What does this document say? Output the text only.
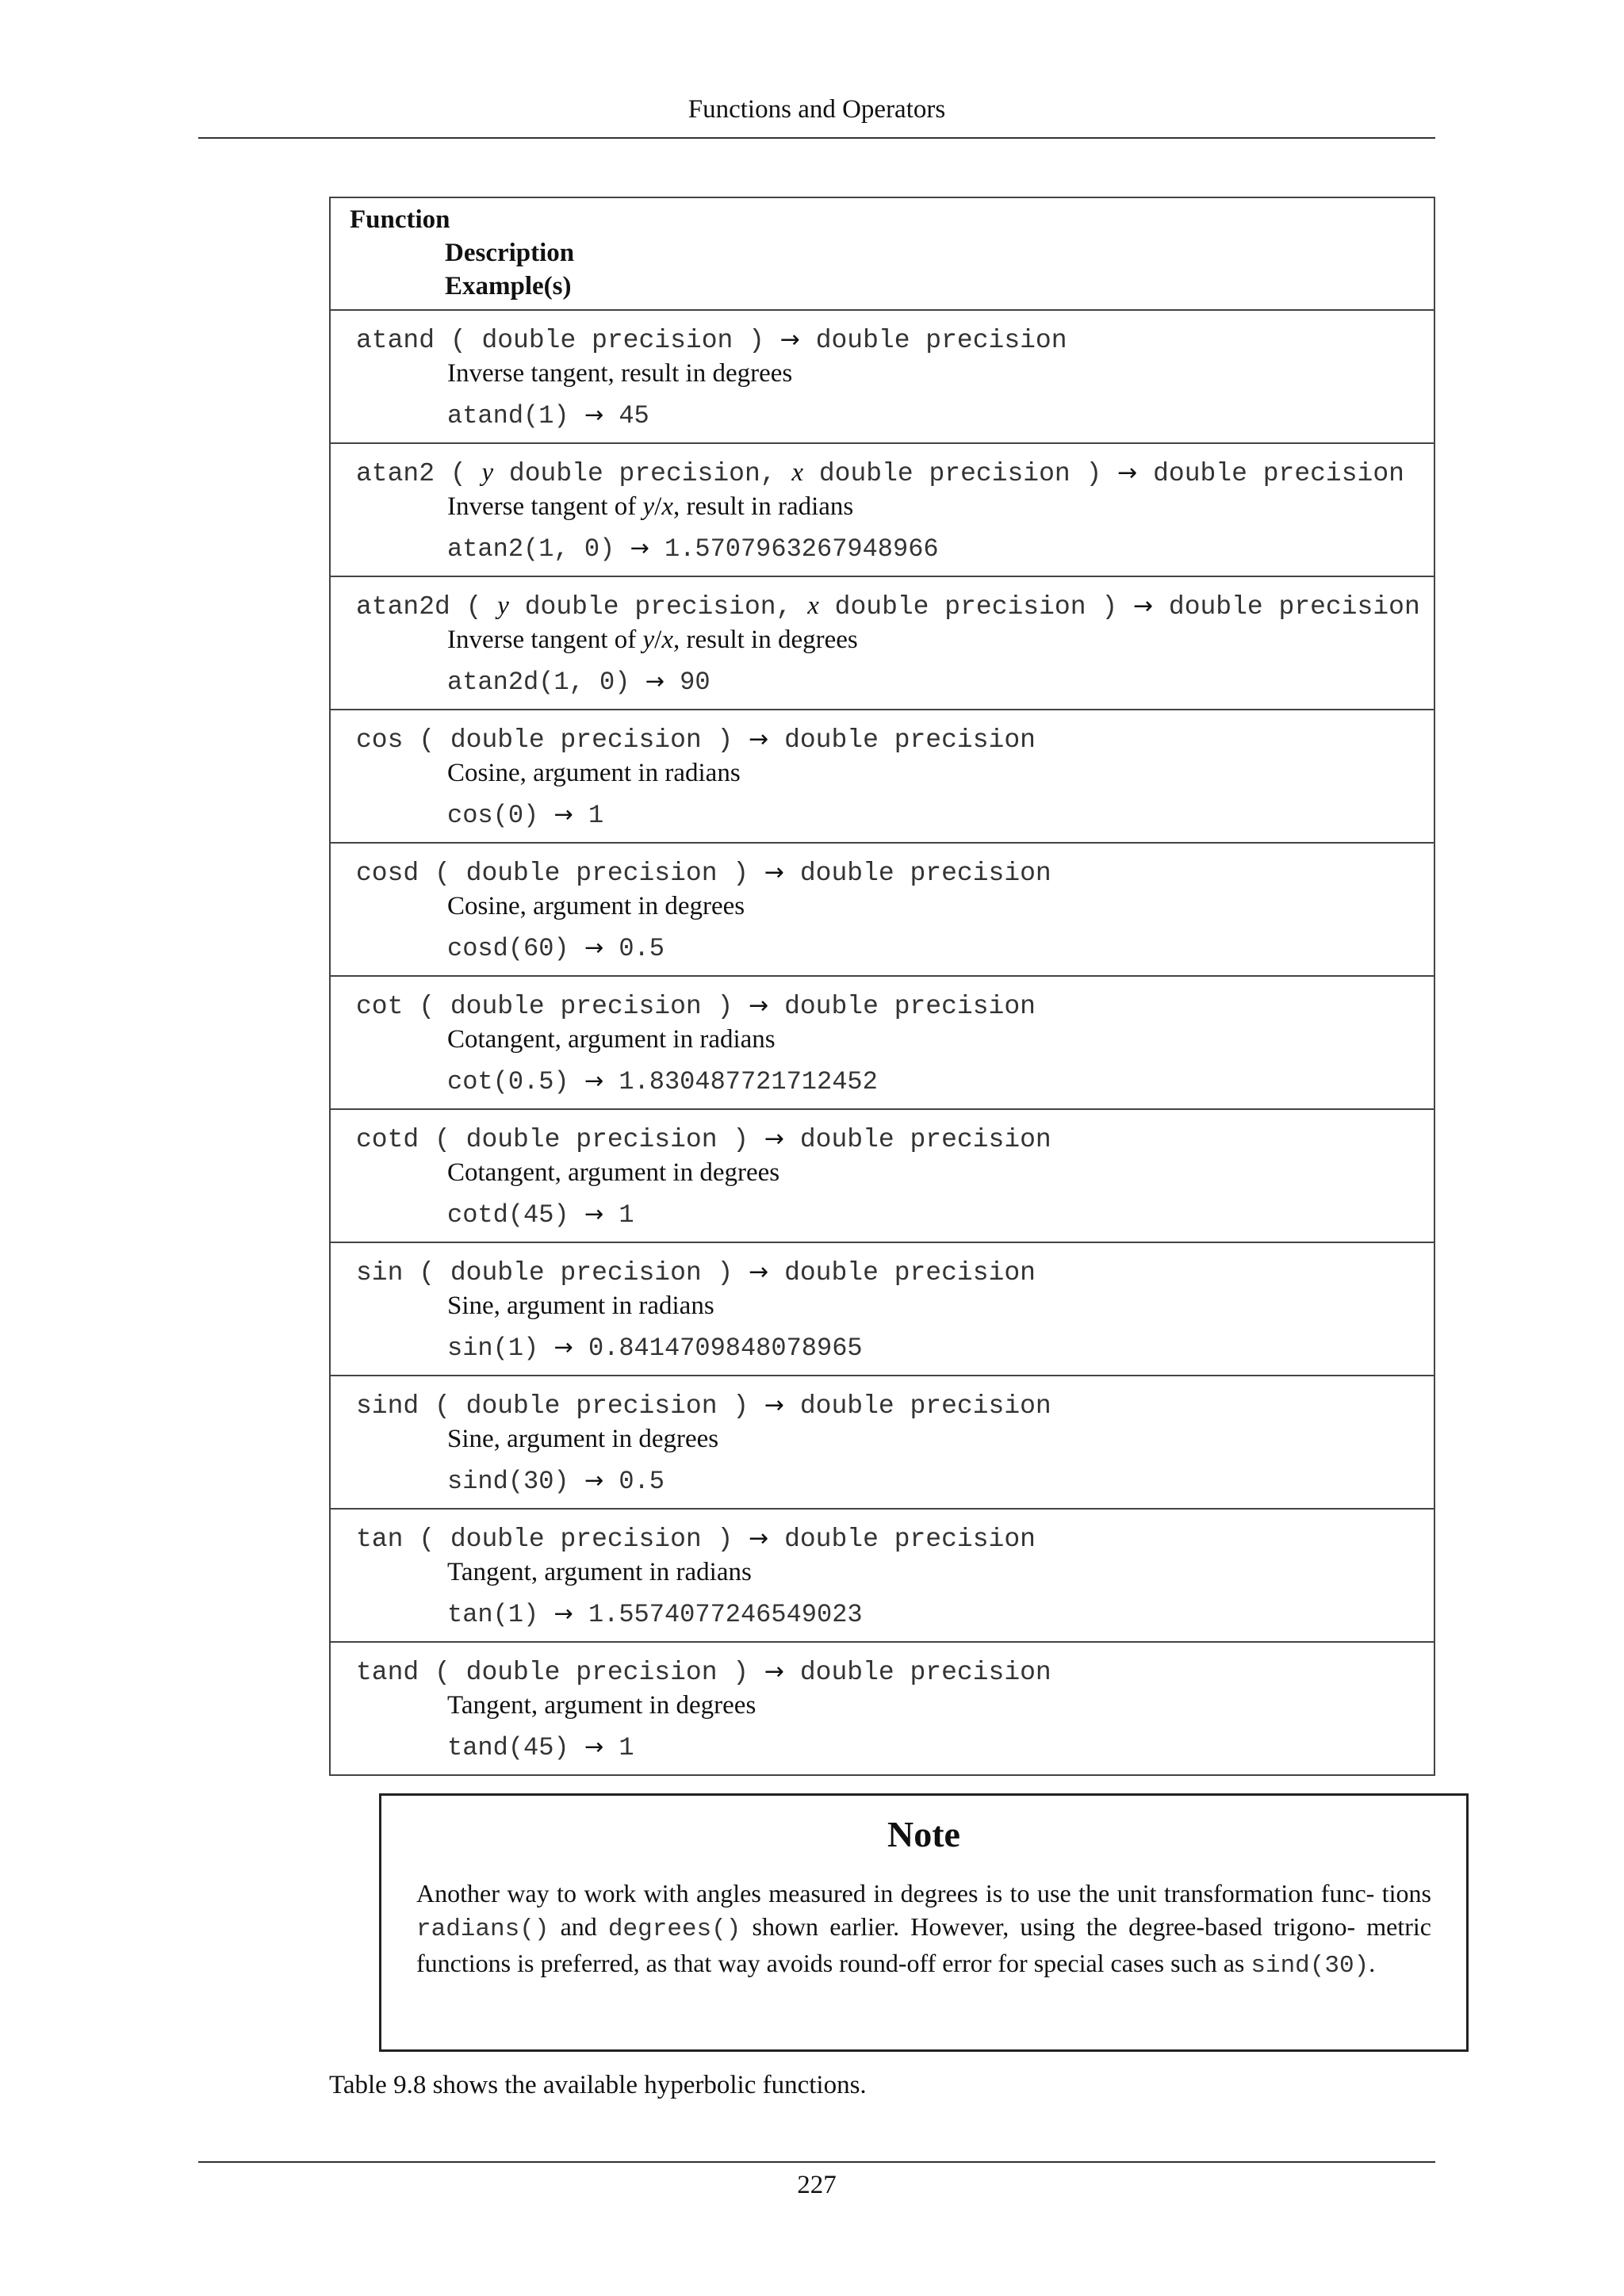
Functions and Operators
Function
Description
Example(s)
atand ( double precision ) → double precision
Inverse tangent, result in degrees
atand(1) → 45
atan2 ( y double precision, x double precision ) → double precision
Inverse tangent of y/x, result in radians
atan2(1, 0) → 1.5707963267948966
atan2d ( y double precision, x double precision ) → double precision
Inverse tangent of y/x, result in degrees
atan2d(1, 0) → 90
cos ( double precision ) → double precision
Cosine, argument in radians
cos(0) → 1
cosd ( double precision ) → double precision
Cosine, argument in degrees
cosd(60) → 0.5
cot ( double precision ) → double precision
Cotangent, argument in radians
cot(0.5) → 1.830487721712452
cotd ( double precision ) → double precision
Cotangent, argument in degrees
cotd(45) → 1
sin ( double precision ) → double precision
Sine, argument in radians
sin(1) → 0.8414709848078965
sind ( double precision ) → double precision
Sine, argument in degrees
sind(30) → 0.5
tan ( double precision ) → double precision
Tangent, argument in radians
tan(1) → 1.5574077246549023
tand ( double precision ) → double precision
Tangent, argument in degrees
tand(45) → 1
Note
Another way to work with angles measured in degrees is to use the unit transformation func- tions radians() and degrees() shown earlier. However, using the degree-based trigono- metric functions is preferred, as that way avoids round-off error for special cases such as sind(30).
Table 9.8 shows the available hyperbolic functions.
227
